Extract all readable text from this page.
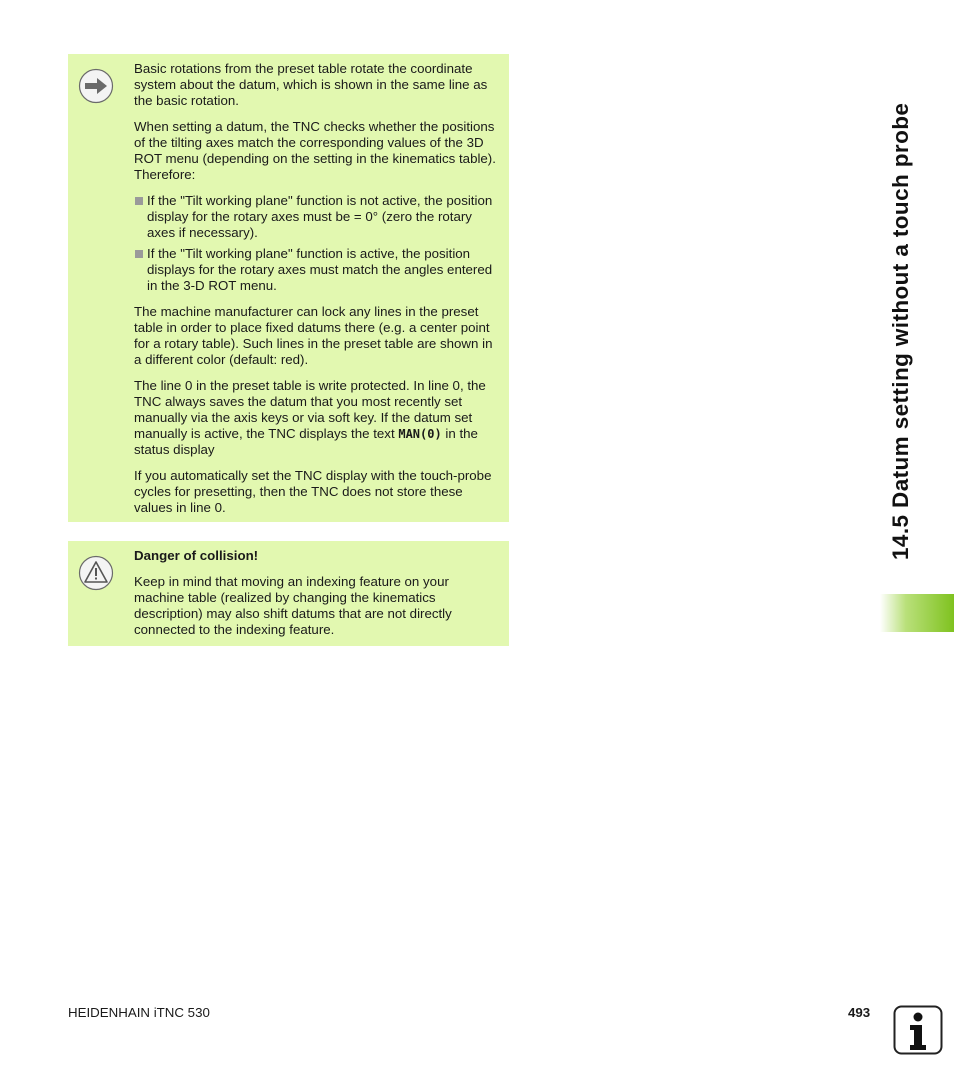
Basic rotations from the preset table rotate the coordinate system about the datum, which is shown in the same line as the basic rotation.

When setting a datum, the TNC checks whether the positions of the tilting axes match the corresponding values of the 3D ROT menu (depending on the setting in the kinematics table). Therefore:

If the "Tilt working plane" function is not active, the position display for the rotary axes must be = 0° (zero the rotary axes if necessary).
If the "Tilt working plane" function is active, the position displays for the rotary axes must match the angles entered in the 3-D ROT menu.

The machine manufacturer can lock any lines in the preset table in order to place fixed datums there (e.g. a center point for a rotary table). Such lines in the preset table are shown in a different color (default: red).

The line 0 in the preset table is write protected. In line 0, the TNC always saves the datum that you most recently set manually via the axis keys or via soft key. If the datum set manually is active, the TNC displays the text MAN(0) in the status display

If you automatically set the TNC display with the touch-probe cycles for presetting, then the TNC does not store these values in line 0.

Danger of collision!

Keep in mind that moving an indexing feature on your machine table (realized by changing the kinematics description) may also shift datums that are not directly connected to the indexing feature.

14.5 Datum setting without a touch probe
HEIDENHAIN iTNC 530	493
